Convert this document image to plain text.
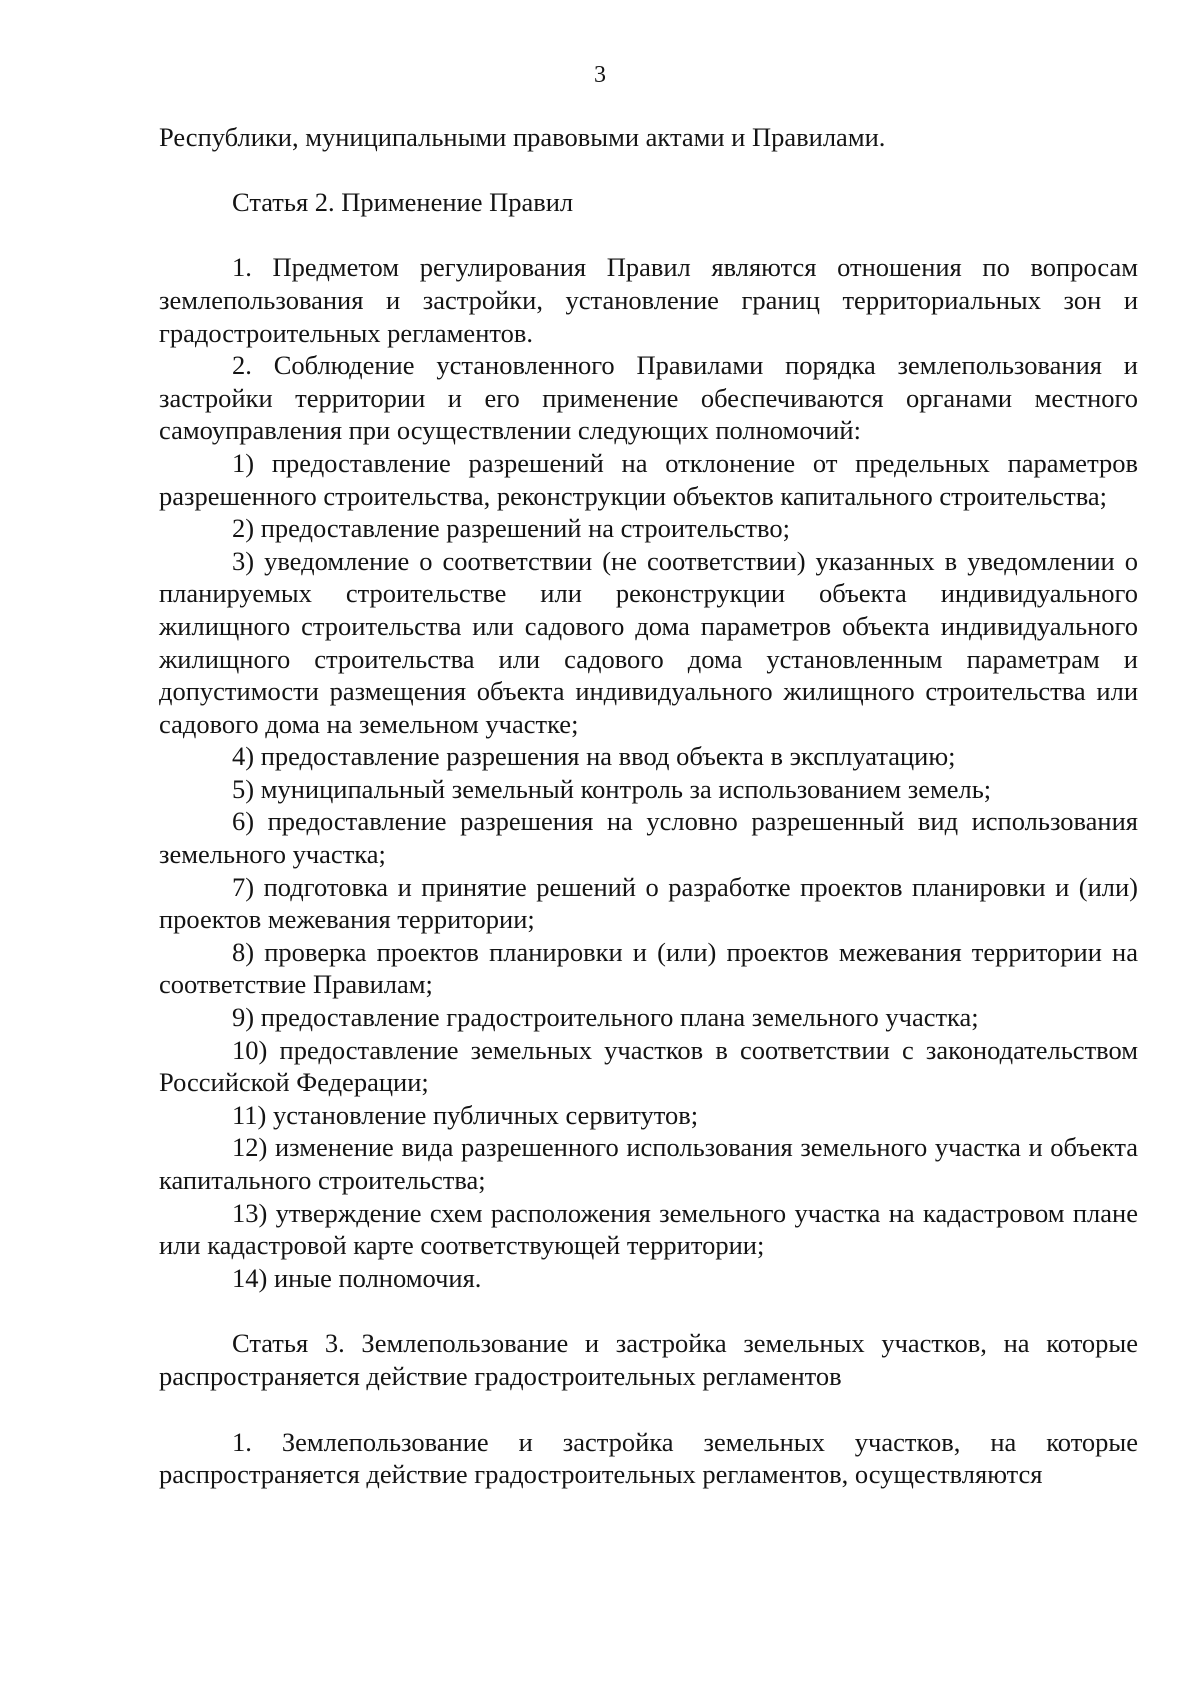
3

Республики, муниципальными правовыми актами и Правилами.

Статья 2. Применение Правил

1. Предметом регулирования Правил являются отношения по вопросам землепользования и застройки, установление границ территориальных зон и градостроительных регламентов.

2. Соблюдение установленного Правилами порядка землепользования и застройки территории и его применение обеспечиваются органами местного самоуправления при осуществлении следующих полномочий:

1) предоставление разрешений на отклонение от предельных параметров разрешенного строительства, реконструкции объектов капитального строительства;

2) предоставление разрешений на строительство;

3) уведомление о соответствии (не соответствии) указанных в уведомлении о планируемых строительстве или реконструкции объекта индивидуального жилищного строительства или садового дома параметров объекта индивидуального жилищного строительства или садового дома установленным параметрам и допустимости размещения объекта индивидуального жилищного строительства или садового дома на земельном участке;

4) предоставление разрешения на ввод объекта в эксплуатацию;

5) муниципальный земельный контроль за использованием земель;

6) предоставление разрешения на условно разрешенный вид использования земельного участка;

7) подготовка и принятие решений о разработке проектов планировки и (или) проектов межевания территории;

8) проверка проектов планировки и (или) проектов межевания территории на соответствие Правилам;

9) предоставление градостроительного плана земельного участка;

10) предоставление земельных участков в соответствии с законодательством Российской Федерации;

11) установление публичных сервитутов;

12) изменение вида разрешенного использования земельного участка и объекта капитального строительства;

13) утверждение схем расположения земельного участка на кадастровом плане или кадастровой карте соответствующей территории;

14) иные полномочия.

Статья 3. Землепользование и застройка земельных участков, на которые распространяется действие градостроительных регламентов

1. Землепользование и застройка земельных участков, на которые распространяется действие градостроительных регламентов, осуществляются
